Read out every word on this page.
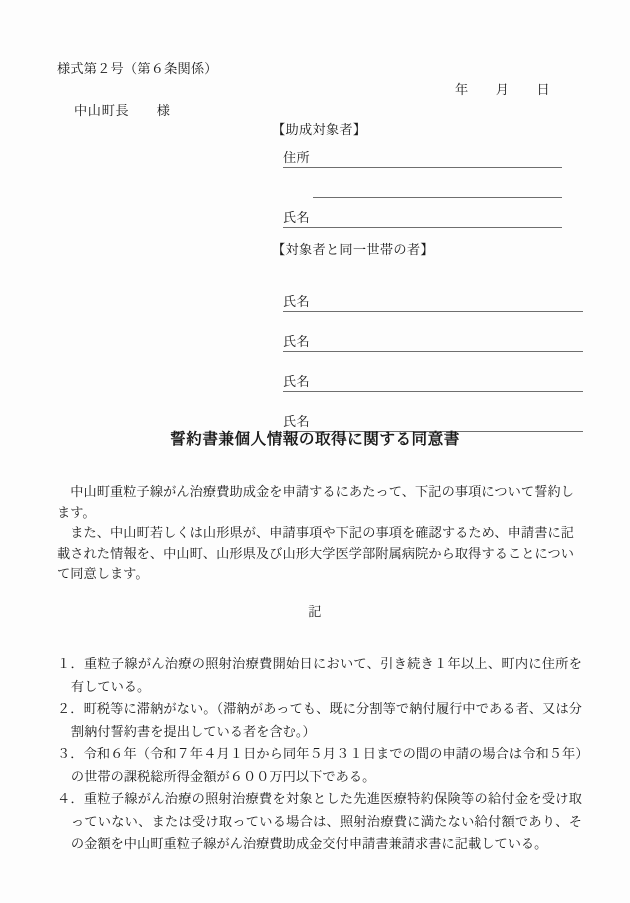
様式第２号（第６条関係）
年　　月　　日
中山町長　　様
【助成対象者】
住所
氏名
【対象者と同一世帯の者】
氏名
氏名
氏名
氏名
誓約書兼個人情報の取得に関する同意書

中山町重粒子線がん治療費助成金を申請するにあたって、下記の事項について誓約します。

また、中山町若しくは山形県が、申請事項や下記の事項を確認するため、申請書に記載された情報を、中山町、山形県及び山形大学医学部附属病院から取得することについて同意します。

記

１．重粒子線がん治療の照射治療費開始日において、引き続き１年以上、町内に住所を有している。

２．町税等に滞納がない。（滞納があっても、既に分割等で納付履行中である者、又は分割納付誓約書を提出している者を含む。）

３．令和６年（令和７年４月１日から同年５月３１日までの間の申請の場合は令和５年）の世帯の課税総所得金額が６００万円以下である。

４．重粒子線がん治療の照射治療費を対象とした先進医療特約保険等の給付金を受け取っていない、または受け取っている場合は、照射治療費に満たない給付額であり、その金額を中山町重粒子線がん治療費助成金交付申請書兼請求書に記載している。
